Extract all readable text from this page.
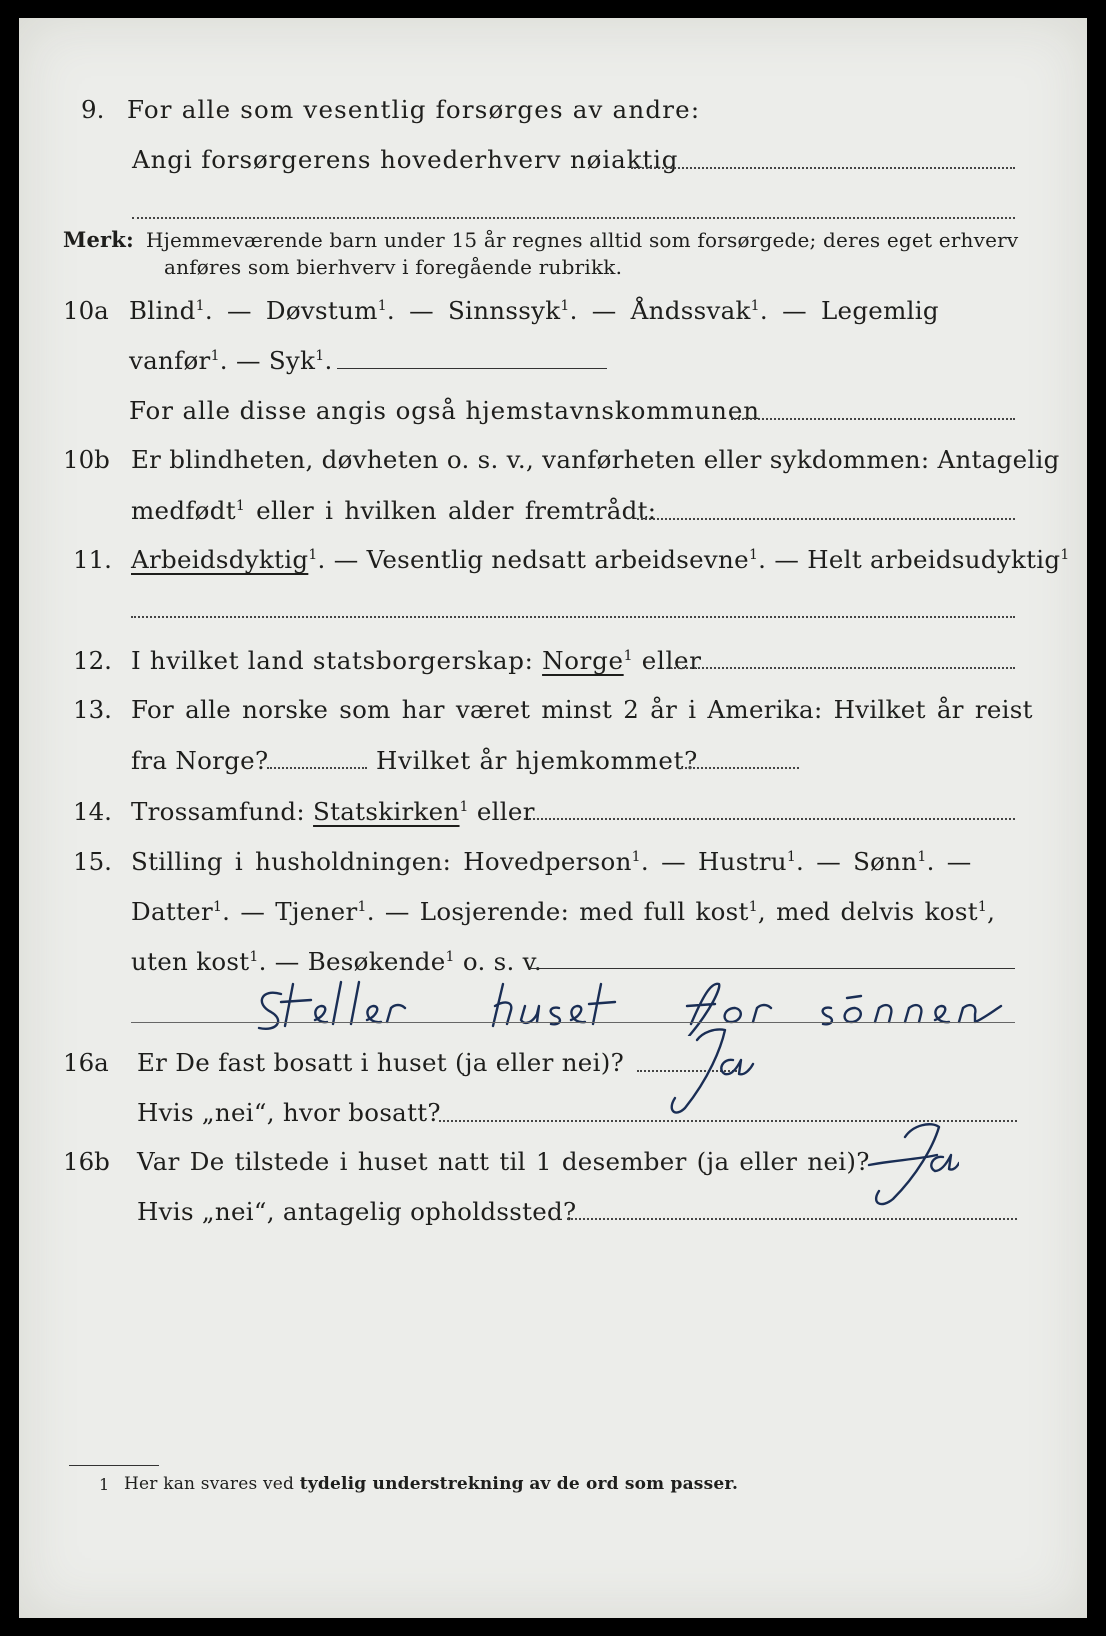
9. For alle som vesentlig forsørges av andre:
Angi forsørgerens hovederhverv nøiaktig
Merk: Hjemmeværende barn under 15 år regnes alltid som forsørgede; deres eget erhverv
anføres som bierhverv i foregående rubrikk.
10a Blind$^1$. — Døvstum$^1$. — Sinnssyk$^1$. — Åndssvak$^1$. — Legemlig
vanfør$^1$. — Syk$^1$.
For alle disse angis også hjemstavnskommunen
10b Er blindheten, døvheten o. s. v., vanførheten eller sykdommen: Antagelig
medfødt$^1$ eller i hvilken alder fremtrådt:
11. Arbeidsdyktig$^1$. — Vesentlig nedsatt arbeidsevne$^1$. — Helt arbeidsudyktig$^1$
12. I hvilket land statsborgerskap: Norge$^1$ eller
13. For alle norske som har været minst 2 år i Amerika: Hvilket år reist
fra Norge?	Hvilket år hjemkommet?
14. Trossamfund: Statskirken$^1$ eller
15. Stilling i husholdningen: Hovedperson$^1$. — Hustru$^1$. — Sønn$^1$. —
Datter$^1$. — Tjener$^1$. — Losjerende: med full kost$^1$, med delvis kost$^1$,
uten kost$^1$. — Besøkende$^1$ o. s. v.
16a Er De fast bosatt i huset (ja eller nei)?
Hvis „nei“, hvor bosatt?
16b Var De tilstede i huset natt til 1 desember (ja eller nei)?
Hvis „nei“, antagelig opholdssted?
1 Her kan svares ved tydelig understrekning av de ord som passer.
